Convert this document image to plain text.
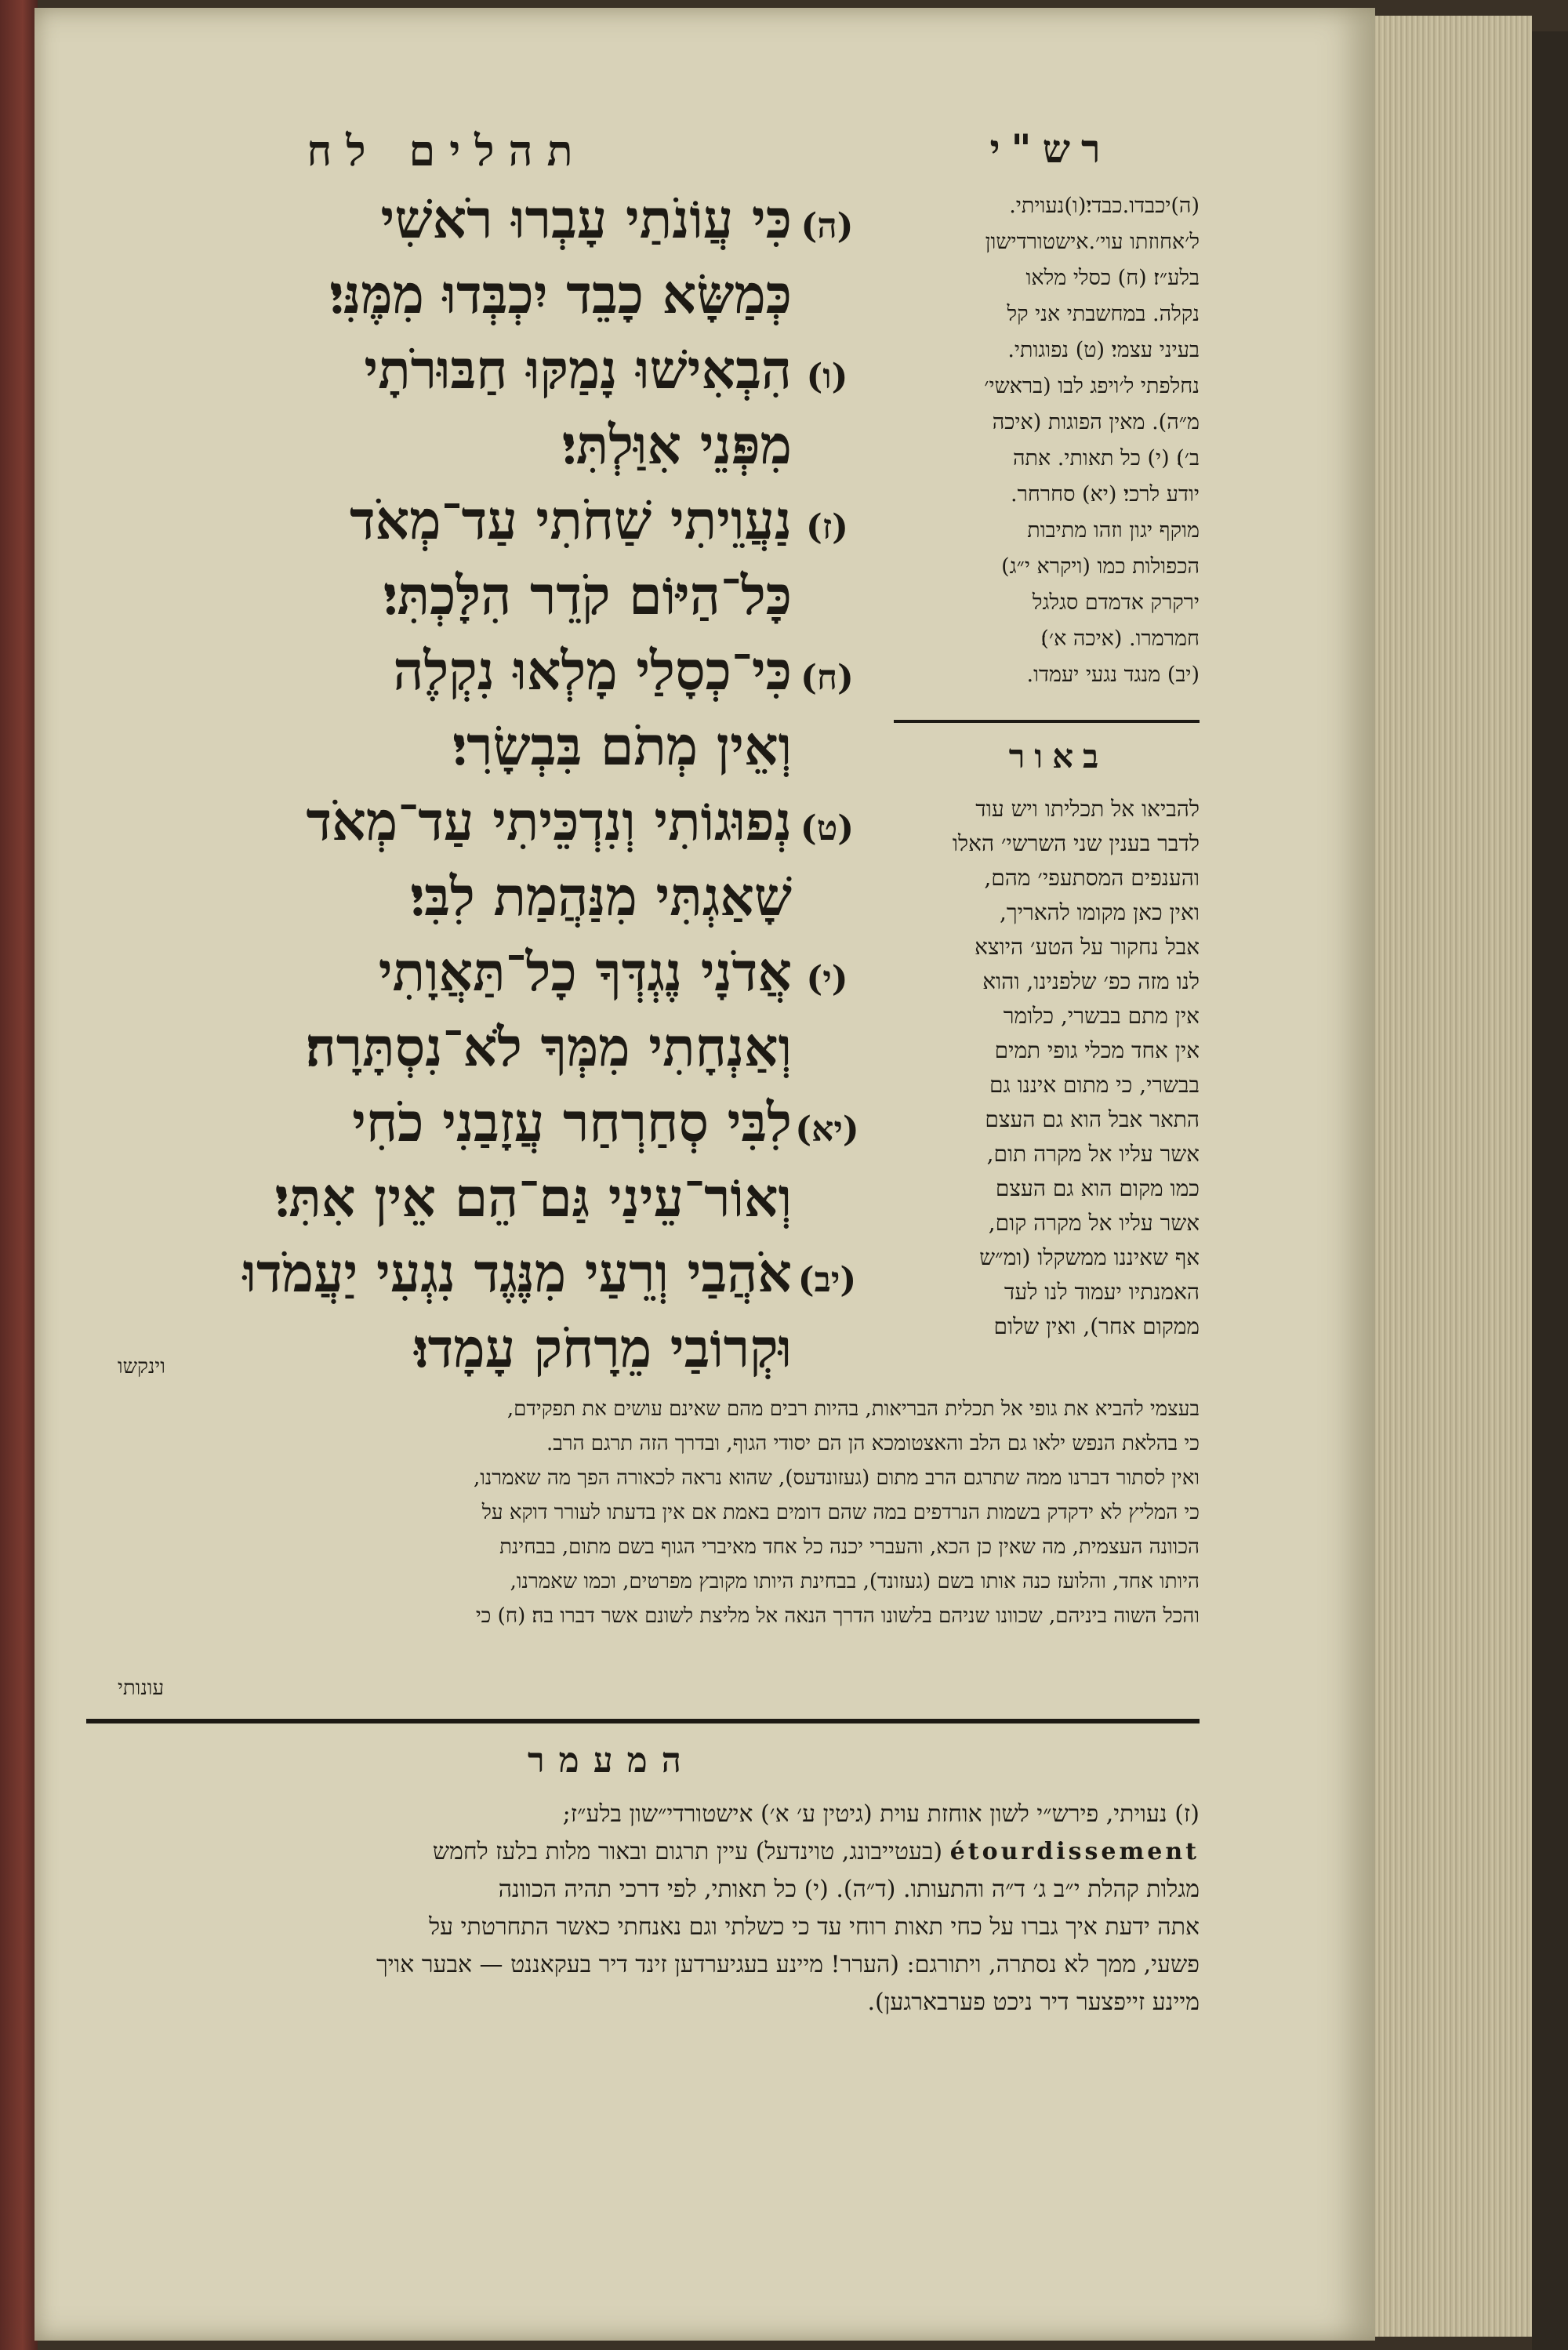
רש"י
תהלים לח
(ה)
כִּי עֲוֹנֹתַי עָבְרוּ רֹאשִׁי
כְּמַשָּׂא כָבֵד יִכְבְּדוּ מִמֶּנִּי׃
(ו)
הִבְאִישׁוּ נָמַקּוּ חַבּוּרֹתָי
מִפְּנֵי אִוַּלְתִּי׃
(ז)
נַעֲוֵיתִי שַׁחֹתִי עַד־מְאֹד
כָּל־הַיּוֹם קֹדֵר הִלָּכְתִּי׃
(ח)
כִּי־כְסָלַי מָלְאוּ נִקְלֶה
וְאֵין מְתֹם בִּבְשָׂרִי׃
(ט)
נְפוּגוֹתִי וְנִדְכֵּיתִי עַד־מְאֹד
שָׁאַגְתִּי מִנַּהֲמַת לִבִּי׃
(י)
אֲדֹנָי נֶגְדְּךָ כָל־תַּאֲוָתִי
וְאַנְחָתִי מִמְּךָ לֹא־נִסְתָּרָה׃
(יא)
לִבִּי סְחַרְחַר עֲזָבַנִי כֹחִי
וְאוֹר־עֵינַי גַּם־הֵם אֵין אִתִּי׃
(יב)
אֹהֲבַי וְרֵעַי מִנֶּגֶד נִגְעִי יַעֲמֹדוּ
וּקְרוֹבַי מֵרָחֹק עָמָדוּ׃
(ה)יכבדו.כבדי׃(ו)נעויתי.
ל׳אחוזתו עוי׳.אישטורדישון
בלע״ז׃ (ח) כסלי מלאו
נקלה. במחשבתי אני קל
בעיני עצמי׃ (ט) נפוגותי.
נחלפתי ל׳ויפג לבו (בראשי׳
מ״ה). מאין הפוגות (איכה
ב׳)׃ (י) כל תאותי. אתה
יודע לרכי׃ (יא) סחרחר.
מוקף יגון וזהו מתיבות
הכפולות כמו (ויקרא י״ג)
ירקרק אדמדם סגלגל
חמרמרו. (איכה א׳)׃
(יב) מנגד נגעי יעמדו.
באור
להביאו אל תכליתו ויש עוד
לדבר בענין שני השרשי׳ האלו
והענפים המסתעפי׳ מהם,
ואין כאן מקומו להאריך,
אבל נחקור על הטע׳ היוצא
לנו מזה כפ׳ שלפנינו, והוא
אין מתם בבשרי, כלומר
אין אחד מכלי גופי תמים
בבשרי, כי מתום איננו גם
התאר אבל הוא גם העצם
אשר עליו אל מקרה תום,
כמו מקום הוא גם העצם
אשר עליו אל מקרה קום,
אף שאיננו ממשקלו (ומ״ש
האמנתיו יעמוד לנו לעד
ממקום אחר), ואין שלום
וינקשו
בעצמי להביא את גופי אל תכלית הבריאות, בהיות רבים מהם שאינם עושים את תפקידם,
כי בהלאת הנפש ילאו גם הלב והאצטומכא הן הם יסודי הגוף, ובדרך הזה תרגם הרב.
ואין לסתור דברנו ממה שתרגם הרב מתום (געזונדעס), שהוא נראה לכאורה הפך מה שאמרנו,
כי המליץ לא ידקדק בשמות הנרדפים במה שהם דומים באמת אם אין בדעתו לעורר דוקא על
הכוונה העצמית, מה שאין כן הכא, והעברי יכנה כל אחד מאיברי הגוף בשם מתום, בבחינת
היותו אחד, והלועז כנה אותו בשם (געזונד), בבחינת היותו מקובץ מפרטים, וכמו שאמרנו,
והכל השוה ביניהם, שכוונו שניהם בלשונו הדרך הנאה אל מליצת לשונם אשר דברו בה׃ (ח) כי
עונותי
המעמר
(ז) נעויתי, פירש״י לשון אוחזת עוית (גיטין ע׳ א׳) אישטורדי״שון בלע״ז;
étourdissement (בעטייבונג, טוינדעל) עיין תרגום ובאור מלות בלעז לחמש
מגלות קהלת י״ב ג׳ ד״ה והתעותו. (ד״ה). (י) כל תאותי, לפי דרכי תהיה הכוונה
אתה ידעת איך גברו על כחי תאות רוחי עד כי כשלתי וגם נאנחתי כאשר התחרטתי על
פשעי, ממך לא נסתרה, ויתורגם: (הערר! מיינע בעגיערדען זינד דיר בעקאננט — אבער אויך
מיינע זייפצער דיר ניכט פערבארגען).
